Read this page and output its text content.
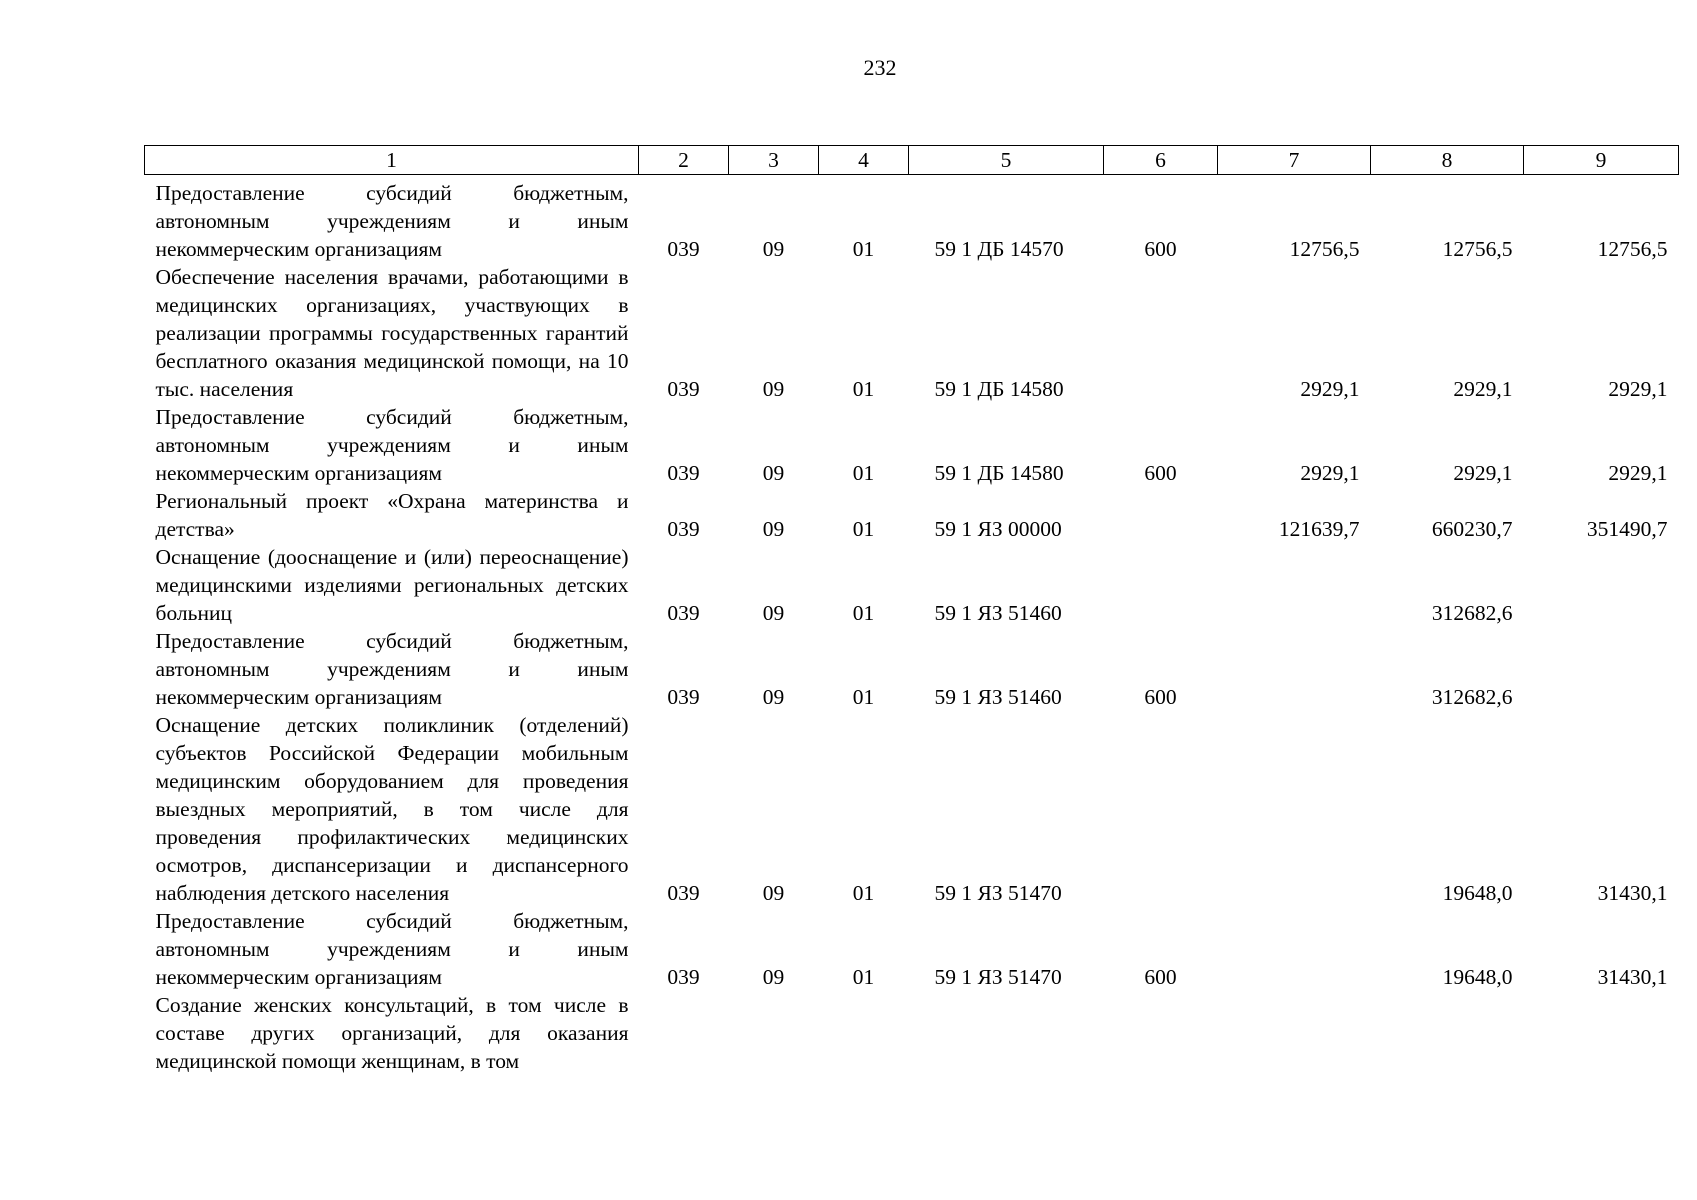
232
1	2	3	4	5	6	7	8	9
Предоставление субсидий бюджетным, автономным учреждениям и иным некоммерческим организациям	039	09	01	59 1 ДБ 14570	600	12756,5	12756,5	12756,5
Обеспечение населения врачами, работающими в медицинских организациях, участвующих в реализации программы государственных гарантий бесплатного оказания медицинской помощи, на 10 тыс. населения	039	09	01	59 1 ДБ 14580		2929,1	2929,1	2929,1
Предоставление субсидий бюджетным, автономным учреждениям и иным некоммерческим организациям	039	09	01	59 1 ДБ 14580	600	2929,1	2929,1	2929,1
Региональный проект «Охрана материнства и детства»	039	09	01	59 1 ЯЗ 00000		121639,7	660230,7	351490,7
Оснащение (дооснащение и (или) переоснащение) медицинскими изделиями региональных детских больниц	039	09	01	59 1 ЯЗ 51460			312682,6	
Предоставление субсидий бюджетным, автономным учреждениям и иным некоммерческим организациям	039	09	01	59 1 ЯЗ 51460	600		312682,6	
Оснащение детских поликлиник (отделений) субъектов Российской Федерации мобильным медицинским оборудованием для проведения выездных мероприятий, в том числе для проведения профилактических медицинских осмотров, диспансеризации и диспансерного наблюдения детского населения	039	09	01	59 1 ЯЗ 51470			19648,0	31430,1
Предоставление субсидий бюджетным, автономным учреждениям и иным некоммерческим организациям	039	09	01	59 1 ЯЗ 51470	600		19648,0	31430,1
Создание женских консультаций, в том числе в составе других организаций, для оказания медицинской помощи женщинам, в том								
